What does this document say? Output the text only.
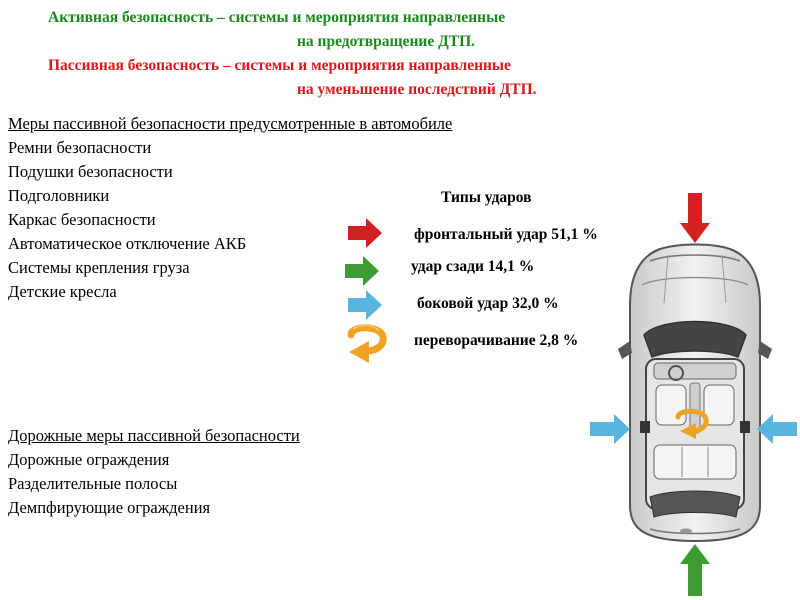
Активная безопасность – системы и мероприятия направленные
на предотвращение ДТП.
Пассивная безопасность – системы и мероприятия направленные
на уменьшение последствий ДТП.
Меры пассивной безопасности предусмотренные в автомобиле
Ремни безопасности
Подушки безопасности
Подголовники
Каркас безопасности
Автоматическое отключение АКБ
Системы крепления груза
Детские кресла
Дорожные меры пассивной безопасности
Дорожные ограждения
Разделительные полосы
Демпфирующие ограждения
Типы ударов
фронтальный удар 51,1 %
удар сзади 14,1 %
боковой удар 32,0 %
переворачивание 2,8 %
